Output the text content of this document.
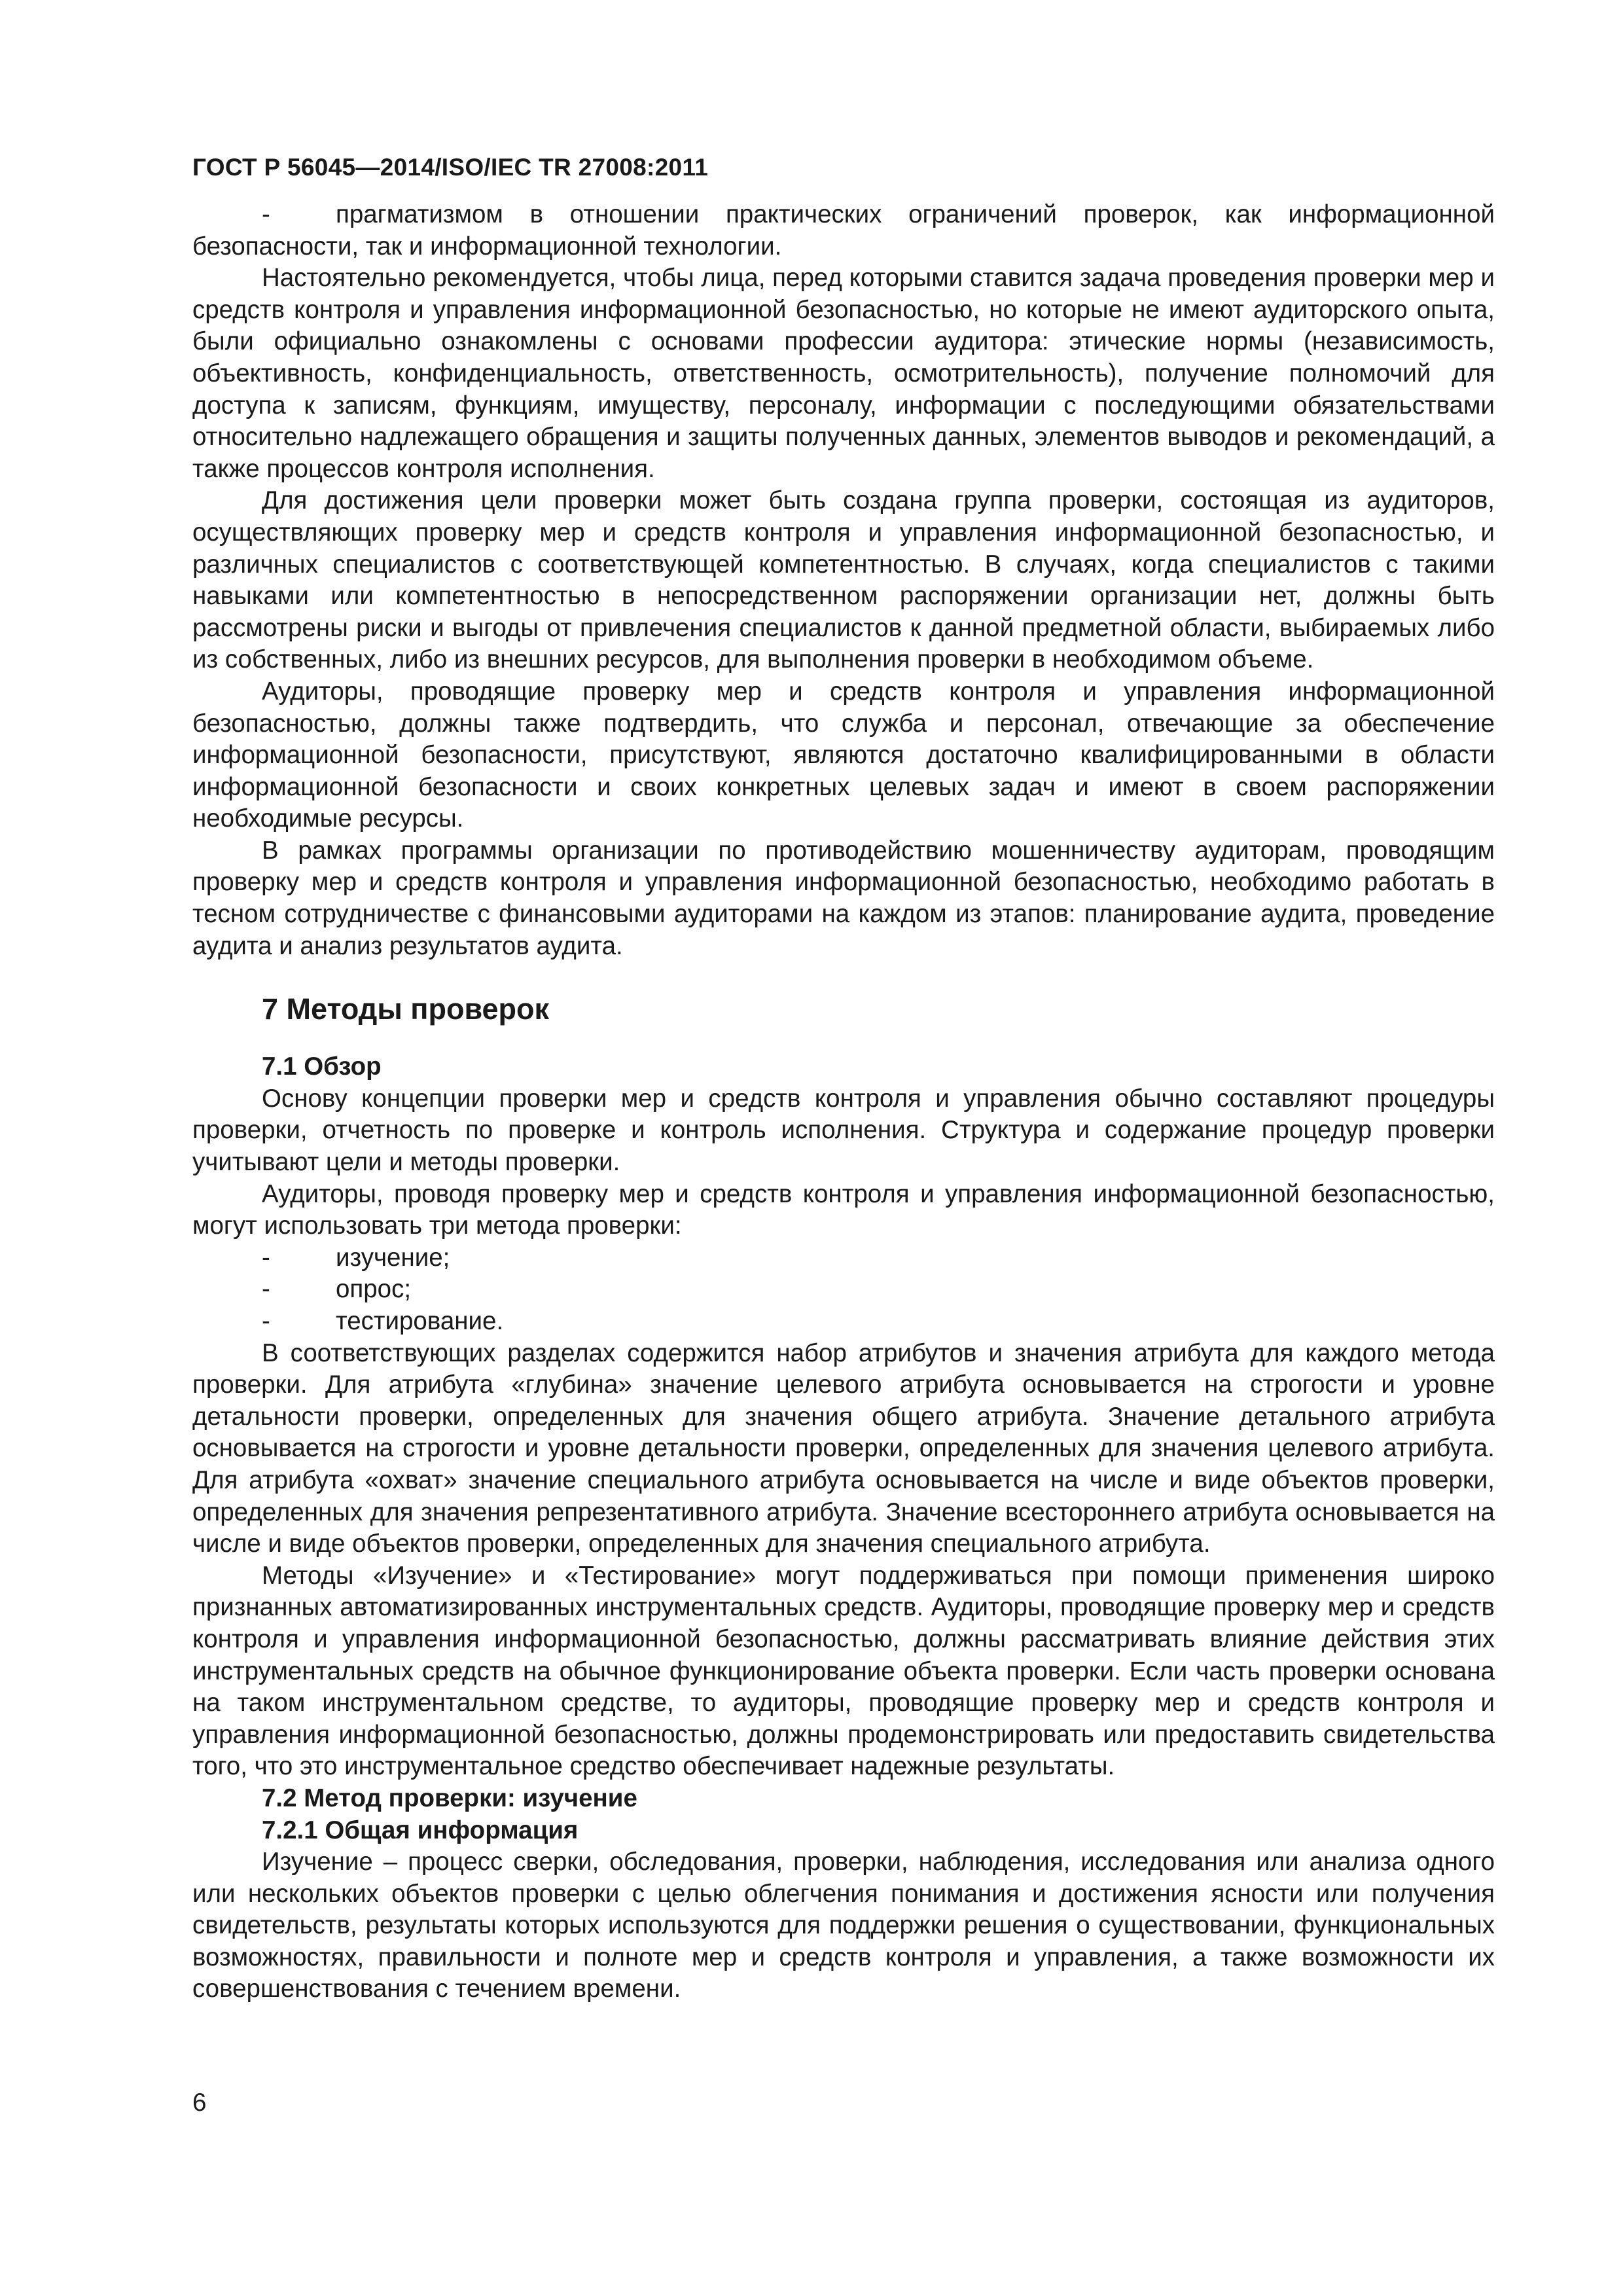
ГОСТ Р 56045—2014/ISO/IEC TR 27008:2011

-	прагматизмом в отношении практических ограничений проверок, как информационной безопасности, так и информационной технологии.

Настоятельно рекомендуется, чтобы лица, перед которыми ставится задача проведения проверки мер и средств контроля и управления информационной безопасностью, но которые не имеют аудиторского опыта, были официально ознакомлены с основами профессии аудитора: этические нормы (независимость, объективность, конфиденциальность, ответственность, осмотрительность), получение полномочий для доступа к записям, функциям, имуществу, персоналу, информации с последующими обязательствами относительно надлежащего обращения и защиты полученных данных, элементов выводов и рекомендаций, а также процессов контроля исполнения.

Для достижения цели проверки может быть создана группа проверки, состоящая из аудиторов, осуществляющих проверку мер и средств контроля и управления информационной безопасностью, и различных специалистов с соответствующей компетентностью. В случаях, когда специалистов с такими навыками или компетентностью в непосредственном распоряжении организации нет, должны быть рассмотрены риски и выгоды от привлечения специалистов к данной предметной области, выбираемых либо из собственных, либо из внешних ресурсов, для выполнения проверки в необходимом объеме.

Аудиторы, проводящие проверку мер и средств контроля и управления информационной безопасностью, должны также подтвердить, что служба и персонал, отвечающие за обеспечение информационной безопасности, присутствуют, являются достаточно квалифицированными в области информационной безопасности и своих конкретных целевых задач и имеют в своем распоряжении необходимые ресурсы.

В рамках программы организации по противодействию мошенничеству аудиторам, проводящим проверку мер и средств контроля и управления информационной безопасностью, необходимо работать в тесном сотрудничестве с финансовыми аудиторами на каждом из этапов: планирование аудита, проведение аудита и анализ результатов аудита.

7 Методы проверок
7.1 Обзор

Основу концепции проверки мер и средств контроля и управления обычно составляют процедуры проверки, отчетность по проверке и контроль исполнения. Структура и содержание процедур проверки учитывают цели и методы проверки.

Аудиторы, проводя проверку мер и средств контроля и управления информационной безопасностью, могут использовать три метода проверки:

-	изучение;

-	опрос;

-	тестирование.

В соответствующих разделах содержится набор атрибутов и значения атрибута для каждого метода проверки. Для атрибута «глубина» значение целевого атрибута основывается на строгости и уровне детальности проверки, определенных для значения общего атрибута. Значение детального атрибута основывается на строгости и уровне детальности проверки, определенных для значения целевого атрибута. Для атрибута «охват» значение специального атрибута основывается на числе и виде объектов проверки, определенных для значения репрезентативного атрибута. Значение всестороннего атрибута основывается на числе и виде объектов проверки, определенных для значения специального атрибута.

Методы «Изучение» и «Тестирование» могут поддерживаться при помощи применения широко признанных автоматизированных инструментальных средств. Аудиторы, проводящие проверку мер и средств контроля и управления информационной безопасностью, должны рассматривать влияние действия этих инструментальных средств на обычное функционирование объекта проверки. Если часть проверки основана на таком инструментальном средстве, то аудиторы, проводящие проверку мер и средств контроля и управления информационной безопасностью, должны продемонстрировать или предоставить свидетельства того, что это инструментальное средство обеспечивает надежные результаты.

7.2 Метод проверки: изучение
7.2.1 Общая информация

Изучение – процесс сверки, обследования, проверки, наблюдения, исследования или анализа одного или нескольких объектов проверки с целью облегчения понимания и достижения ясности или получения свидетельств, результаты которых используются для поддержки решения о существовании, функциональных возможностях, правильности и полноте мер и средств контроля и управления, а также возможности их совершенствования с течением времени.

6
